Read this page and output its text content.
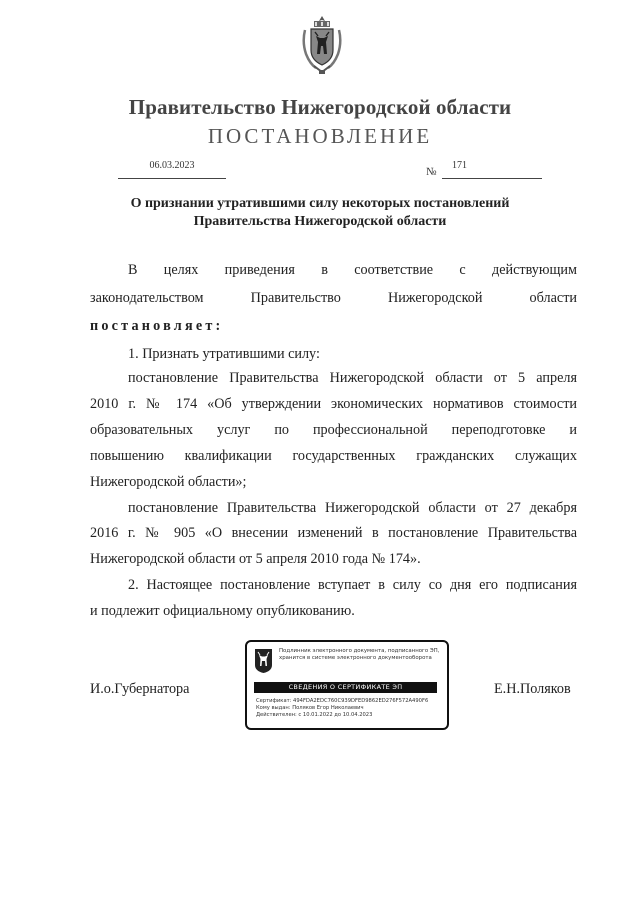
Правительство Нижегородской области
ПОСТАНОВЛЕНИЕ
06.03.2023
№
171
О признании утратившими силу некоторых постановлений
Правительства Нижегородской области
В целях приведения в соответствие с действующим
законодательством Правительство Нижегородской области
постановляет:
1. Признать утратившими силу:
постановление Правительства Нижегородской области от 5 апреля
2010 г. № 174 «Об утверждении экономических нормативов стоимости
образовательных услуг по профессиональной переподготовке и
повышению квалификации государственных гражданских служащих
Нижегородской области»;
постановление Правительства Нижегородской области от 27 декабря
2016 г. № 905 «О внесении изменений в постановление Правительства
Нижегородской области от 5 апреля 2010 года № 174».
2. Настоящее постановление вступает в силу со дня его подписания
и подлежит официальному опубликованию.
И.о.Губернатора	Е.Н.Поляков
Подлинник электронного документа, подписанного ЭП,
хранится в системе электронного документооборота
СВЕДЕНИЯ О СЕРТИФИКАТЕ ЭП
Сертификат: 494FDA2EDC760C939DFED9862ED276F572A490F6
Кому выдан: Поляков Егор Николаевич
Действителен: с 10.01.2022 до 10.04.2023
